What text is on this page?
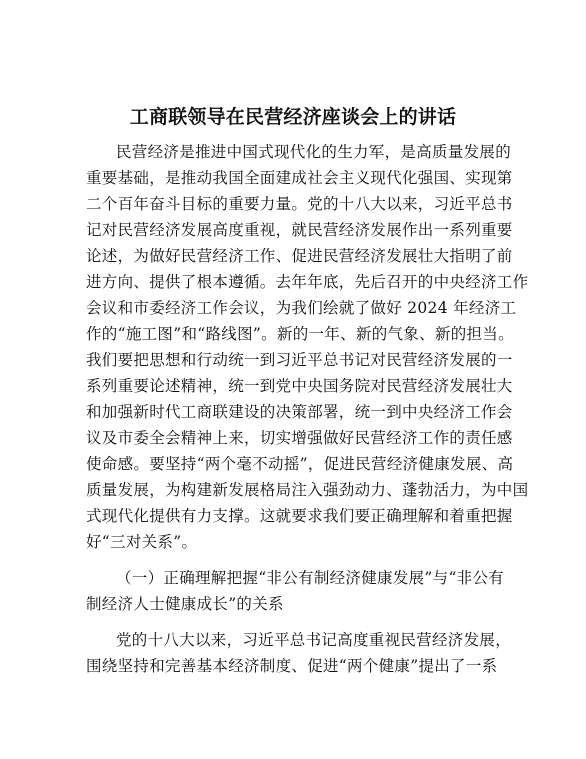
工商联领导在民营经济座谈会上的讲话
民营经济是推进中国式现代化的生力军，是高质量发展的
重要基础，是推动我国全面建成社会主义现代化强国、实现第
二个百年奋斗目标的重要力量。党的十八大以来，习近平总书
记对民营经济发展高度重视，就民营经济发展作出一系列重要
论述，为做好民营经济工作、促进民营经济发展壮大指明了前
进方向、提供了根本遵循。去年年底，先后召开的中央经济工作
会议和市委经济工作会议，为我们绘就了做好 2024 年经济工
作的“施工图”和“路线图”。新的一年、新的气象、新的担当。
我们要把思想和行动统一到习近平总书记对民营经济发展的一
系列重要论述精神，统一到党中央国务院对民营经济发展壮大
和加强新时代工商联建设的决策部署，统一到中央经济工作会
议及市委全会精神上来，切实增强做好民营经济工作的责任感
使命感。要坚持“两个毫不动摇”，促进民营经济健康发展、高
质量发展，为构建新发展格局注入强劲动力、蓬勃活力，为中国
式现代化提供有力支撑。这就要求我们要正确理解和着重把握
好“三对关系”。
（一）正确理解把握“非公有制经济健康发展”与“非公有
制经济人士健康成长”的关系
党的十八大以来，习近平总书记高度重视民营经济发展，
围绕坚持和完善基本经济制度、促进“两个健康”提出了一系
